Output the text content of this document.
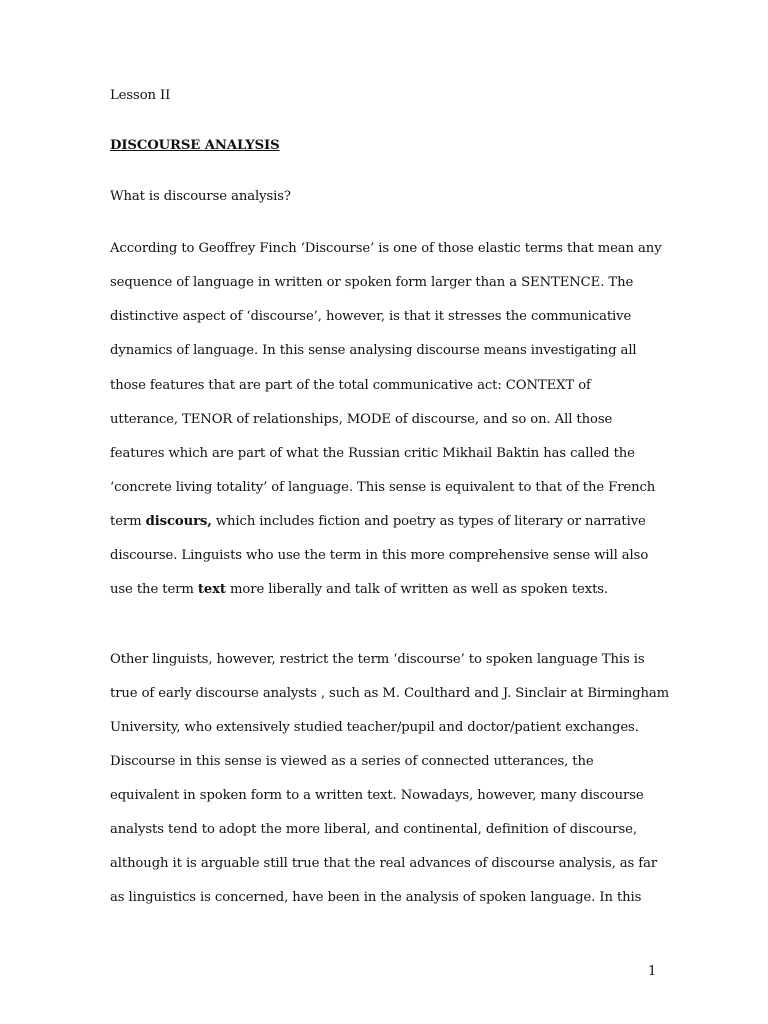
Lesson II
DISCOURSE ANALYSIS
What is discourse analysis?
According to Geoffrey Finch ‘Discourse’ is one of those elastic terms that mean any
sequence of language in written or spoken form larger than a SENTENCE. The
distinctive aspect of ‘discourse’, however, is that it stresses the communicative
dynamics of language. In this sense analysing discourse means investigating all
those features that are part of the total communicative act: CONTEXT of
utterance, TENOR of relationships, MODE of discourse, and so on. All those
features which are part of what the Russian critic Mikhail Baktin has called the
‘concrete living totality’ of language. This sense is equivalent to that of the French
term discours, which includes fiction and poetry as types of literary or narrative
discourse. Linguists who use the term in this more comprehensive sense will also
use the term text more liberally and talk of written as well as spoken texts.
Other linguists, however, restrict the term ‘discourse’ to spoken language This is
true of early discourse analysts , such as M. Coulthard and J. Sinclair at Birmingham
University, who extensively studied teacher/pupil and doctor/patient exchanges.
Discourse in this sense is viewed as a series of connected utterances, the
equivalent in spoken form to a written text. Nowadays, however, many discourse
analysts tend to adopt the more liberal, and continental, definition of discourse,
although it is arguable still true that the real advances of discourse analysis, as far
as linguistics is concerned, have been in the analysis of spoken language. In this
1
